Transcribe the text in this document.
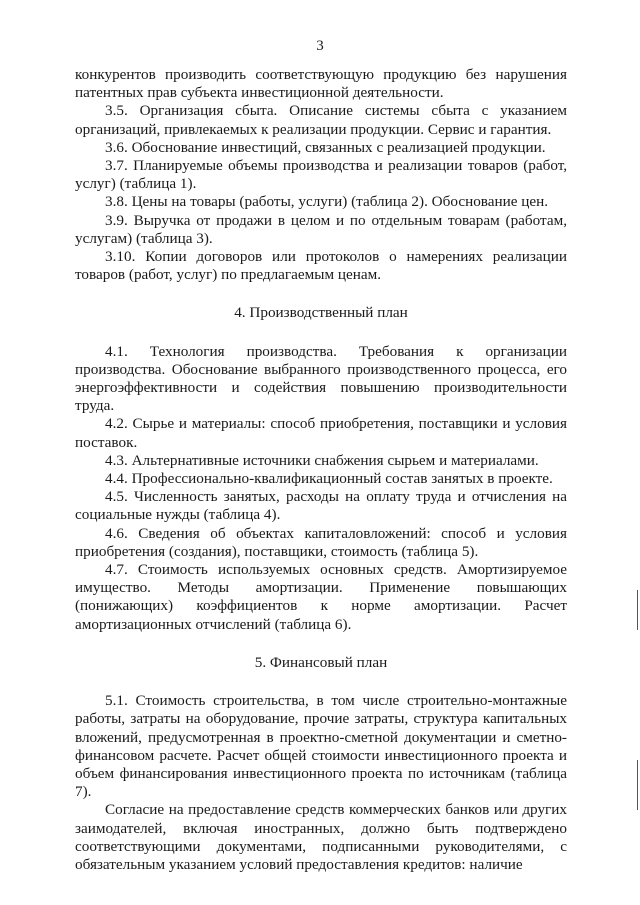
3

конкурентов производить соответствующую продукцию без нарушения патентных прав субъекта инвестиционной деятельности.

3.5. Организация сбыта. Описание системы сбыта с указанием организаций, привлекаемых к реализации продукции. Сервис и гарантия.

3.6. Обоснование инвестиций, связанных с реализацией продукции.

3.7. Планируемые объемы производства и реализации товаров (работ, услуг) (таблица 1).

3.8. Цены на товары (работы, услуги) (таблица 2). Обоснование цен.

3.9. Выручка от продажи в целом и по отдельным товарам (работам, услугам) (таблица 3).

3.10. Копии договоров или протоколов о намерениях реализации товаров (работ, услуг) по предлагаемым ценам.

4. Производственный план

4.1. Технология производства. Требования к организации производства. Обоснование выбранного производственного процесса, его энергоэффективности и содействия повышению производительности труда.

4.2. Сырье и материалы: способ приобретения, поставщики и условия поставок.

4.3. Альтернативные источники снабжения сырьем и материалами.

4.4. Профессионально-квалификационный состав занятых в проекте.

4.5. Численность занятых, расходы на оплату труда и отчисления на социальные нужды (таблица 4).

4.6. Сведения об объектах капиталовложений: способ и условия приобретения (создания), поставщики, стоимость (таблица 5).

4.7. Стоимость используемых основных средств. Амортизируемое имущество. Методы амортизации. Применение повышающих (понижающих) коэффициентов к норме амортизации. Расчет амортизационных отчислений (таблица 6).

5. Финансовый план

5.1. Стоимость строительства, в том числе строительно-монтажные работы, затраты на оборудование, прочие затраты, структура капитальных вложений, предусмотренная в проектно-сметной документации и сметно-финансовом расчете. Расчет общей стоимости инвестиционного проекта и объем финансирования инвестиционного проекта по источникам (таблица 7).

Согласие на предоставление средств коммерческих банков или других заимодателей, включая иностранных, должно быть подтверждено соответствующими документами, подписанными руководителями, с обязательным указанием условий предоставления кредитов: наличие
